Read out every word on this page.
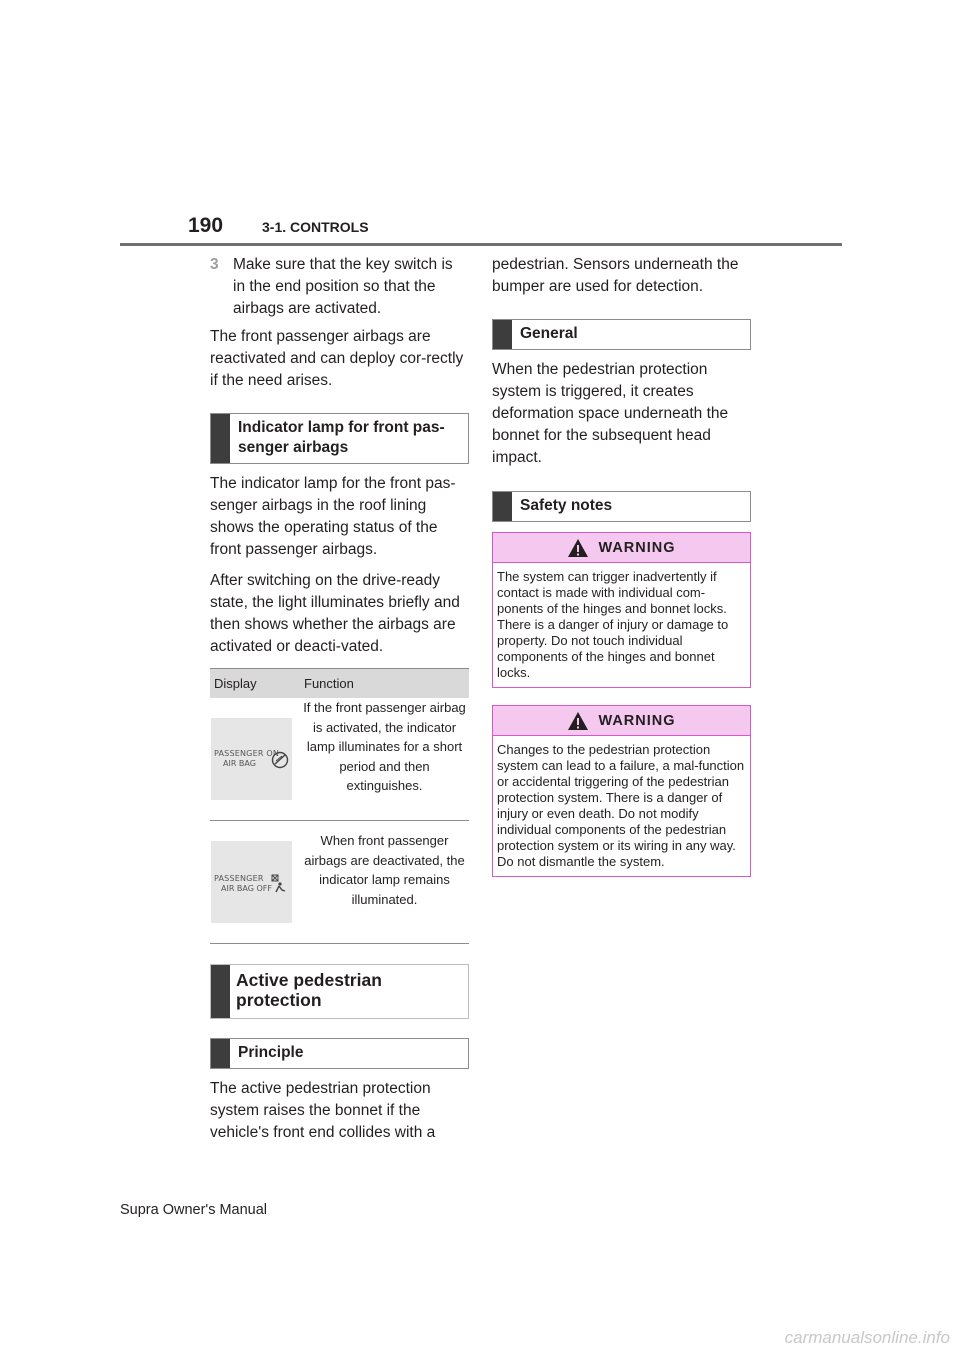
190	3-1. CONTROLS
3 Make sure that the key switch is in the end position so that the airbags are activated.

The front passenger airbags are reactivated and can deploy cor-rectly if the need arises.

Indicator lamp for front pas-senger airbags

The indicator lamp for the front pas-senger airbags in the roof lining shows the operating status of the front passenger airbags.

After switching on the drive-ready state, the light illuminates briefly and then shows whether the airbags are activated or deacti-vated.

Display	Function

PASSENGER ON
AIR BAG	If the front passenger airbag is activated, the indicator lamp illuminates for a short period and then extinguishes.

PASSENGER
AIR BAG OFF	When front passenger airbags are deactivated, the indicator lamp remains illuminated.
Active pedestrian protection
Principle

The active pedestrian protection system raises the bonnet if the vehicle's front end collides with a

pedestrian. Sensors underneath the bumper are used for detection.

General

When the pedestrian protection system is triggered, it creates deformation space underneath the bonnet for the subsequent head impact.

Safety notes
WARNING
The system can trigger inadvertently if contact is made with individual com-ponents of the hinges and bonnet locks. There is a danger of injury or damage to property. Do not touch individual components of the hinges and bonnet locks.
WARNING
Changes to the pedestrian protection system can lead to a failure, a mal-function or accidental triggering of the pedestrian protection system. There is a danger of injury or even death. Do not modify individual components of the pedestrian protection system or its wiring in any way. Do not dismantle the system.
Supra Owner's Manual
carmanualsonline.info
